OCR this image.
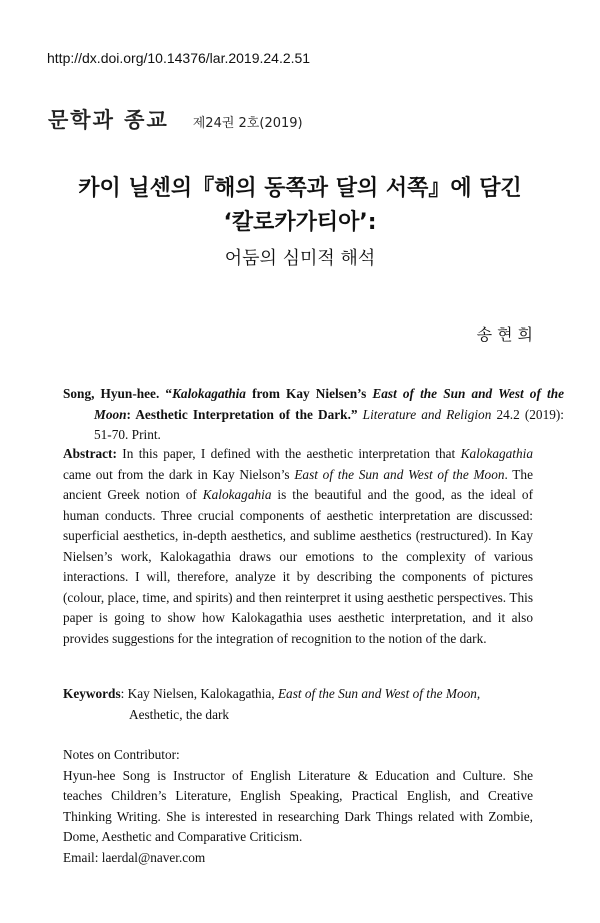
http://dx.doi.org/10.14376/lar.2019.24.2.51
문학과 종교 제24권 2호(2019)
카이 닐센의『해의 동쪽과 달의 서쪽』에 담긴
‘칼로카가티아’:
어둠의 심미적 해석
송현희
Song, Hyun-hee. “Kalokagathia from Kay Nielsen’s East of the Sun and West of the Moon: Aesthetic Interpretation of the Dark.” Literature and Religion 24.2 (2019): 51-70. Print.
Abstract: In this paper, I defined with the aesthetic interpretation that Kalokagathia came out from the dark in Kay Nielson’s East of the Sun and West of the Moon. The ancient Greek notion of Kalokagahia is the beautiful and the good, as the ideal of human conducts. Three crucial components of aesthetic interpretation are discussed: superficial aesthetics, in-depth aesthetics, and sublime aesthetics (restructured). In Kay Nielsen’s work, Kalokagathia draws our emotions to the complexity of various interactions. I will, therefore, analyze it by describing the components of pictures (colour, place, time, and spirits) and then reinterpret it using aesthetic perspectives. This paper is going to show how Kalokagathia uses aesthetic interpretation, and it also provides suggestions for the integration of recognition to the notion of the dark.
Keywords: Kay Nielsen, Kalokagathia, East of the Sun and West of the Moon,
Aesthetic, the dark
Notes on Contributor:
Hyun-hee Song is Instructor of English Literature & Education and Culture. She teaches Children’s Literature, English Speaking, Practical English, and Creative Thinking Writing. She is interested in researching Dark Things related with Zombie, Dome, Aesthetic and Comparative Criticism.
Email: laerdal@naver.com
